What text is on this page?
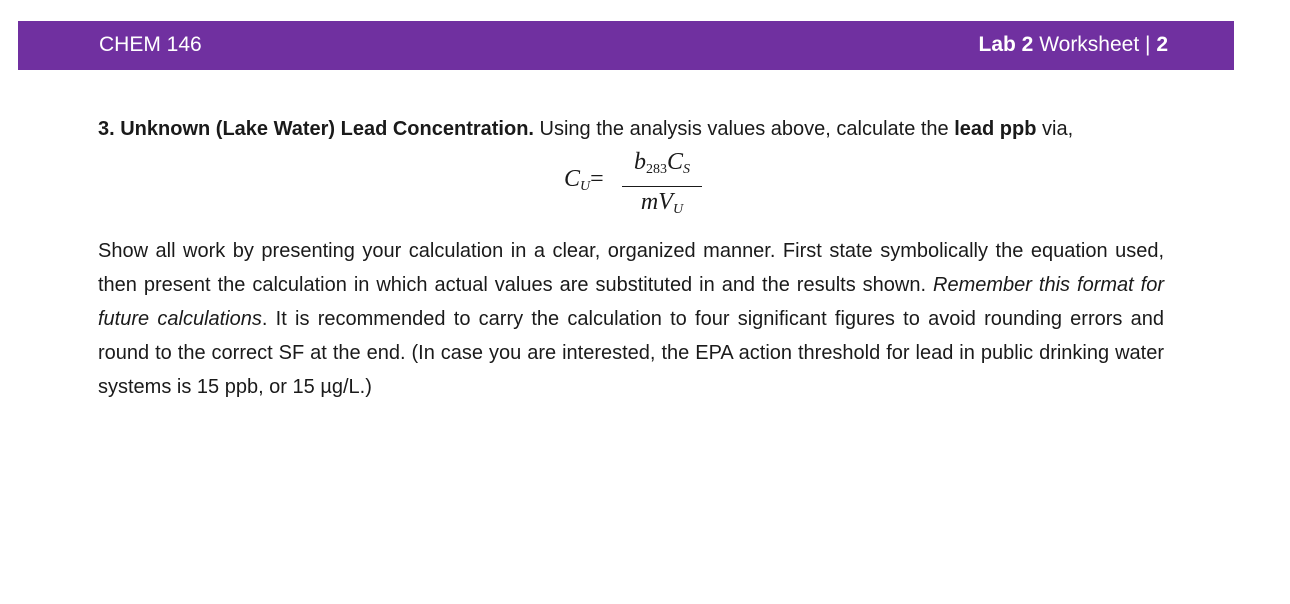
CHEM 146	Lab 2 Worksheet | 2

3. Unknown (Lake Water) Lead Concentration. Using the analysis values above, calculate the lead ppb via,

$C_U=$
$b_{283}C_S$
$mV_U$

Show all work by presenting your calculation in a clear, organized manner. First state symbolically the equation used, then present the calculation in which actual values are substituted in and the results shown. Remember this format for future calculations. It is recommended to carry the calculation to four significant figures to avoid rounding errors and round to the correct SF at the end. (In case you are interested, the EPA action threshold for lead in public drinking water systems is 15 ppb, or 15 µg/L.)
